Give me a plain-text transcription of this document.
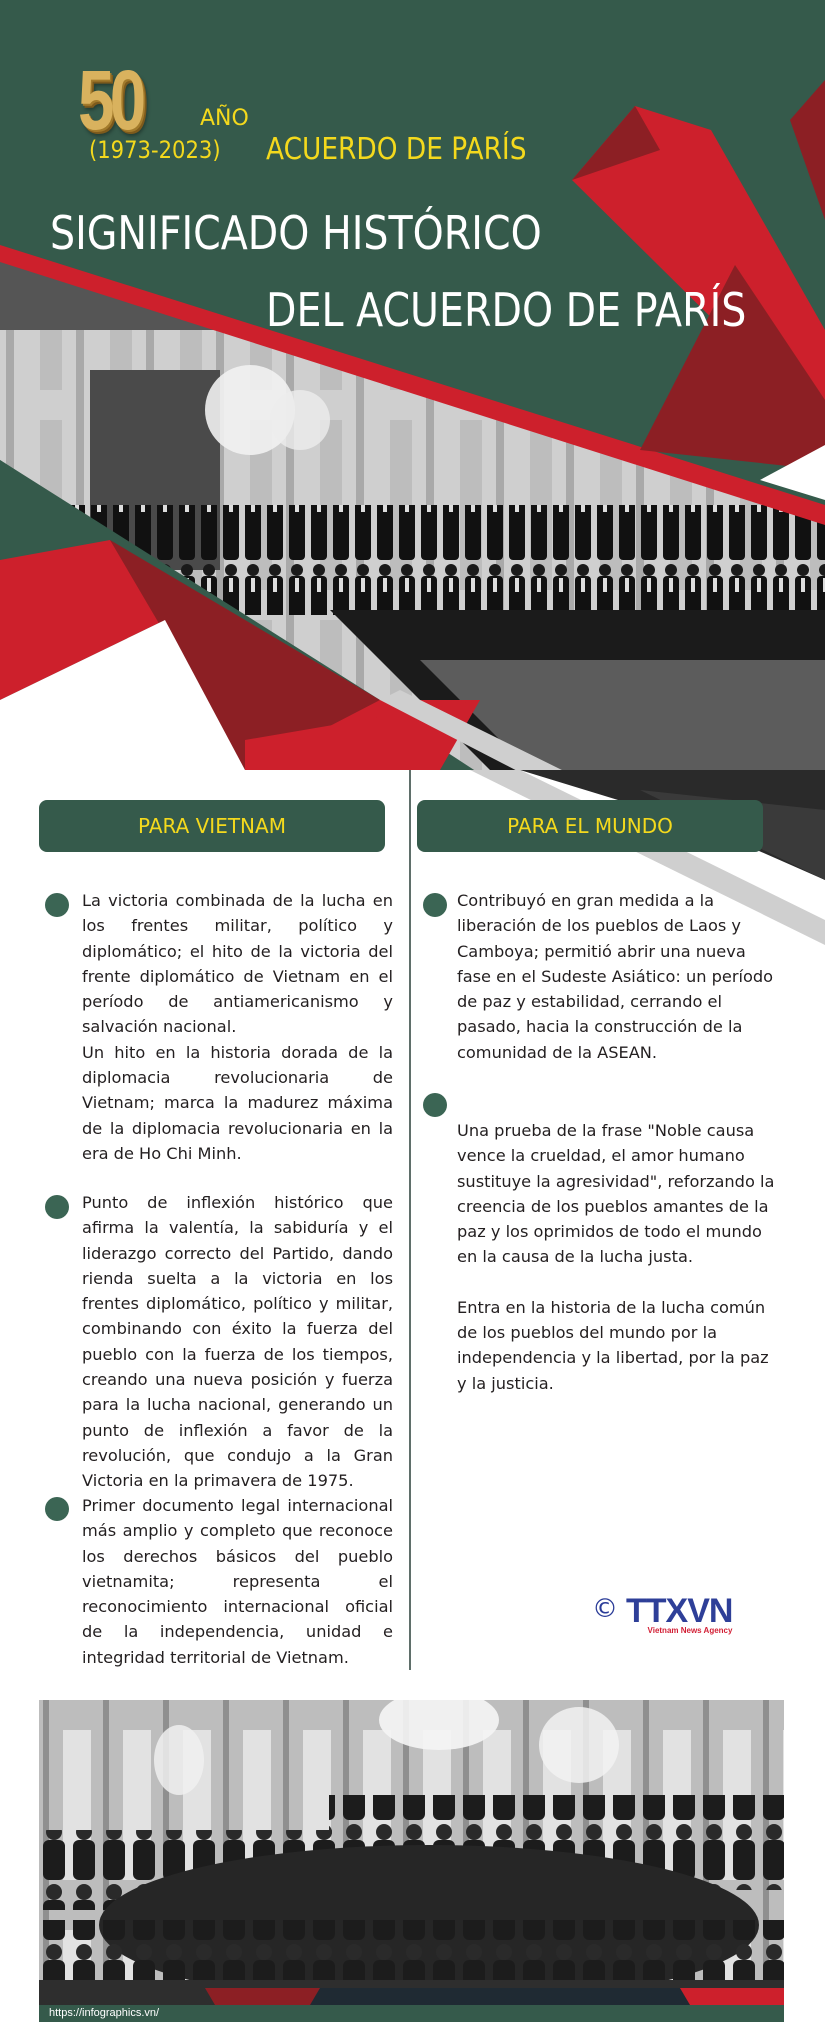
50	AÑO
(1973-2023) ACUERDO DE PARÍS
SIGNIFICADO HISTÓRICO
DEL ACUERDO DE PARÍS
PARA VIETNAM

La victoria combinada de la lucha en los frentes militar, político y diplomático; el hito de la victoria del frente diplomático de Vietnam en el período de antiamericanismo y salvación nacional.

Un hito en la historia dorada de la diplomacia revolucionaria de Vietnam; marca la madurez máxima de la diplomacia revolucionaria en la era de Ho Chi Minh.

Punto de inflexión histórico que afirma la valentía, la sabiduría y el liderazgo correcto del Partido, dando rienda suelta a la victoria en los frentes diplomático, político y militar, combinando con éxito la fuerza del pueblo con la fuerza de los tiempos, creando una nueva posición y fuerza para la lucha nacional, generando un punto de inflexión a favor de la revolución, que condujo a la Gran Victoria en la primavera de 1975.

Primer documento legal internacional más amplio y completo que reconoce los derechos básicos del pueblo vietnamita; representa el reconocimiento internacional oficial de la independencia, unidad e integridad territorial de Vietnam.

PARA EL MUNDO

Contribuyó en gran medida a la liberación de los pueblos de Laos y Camboya; permitió abrir una nueva fase en el Sudeste Asiático: un período de paz y estabilidad, cerrando el pasado, hacia la construcción de la comunidad de la ASEAN.

Una prueba de la frase "Noble causa vence la crueldad, el amor humano sustituye la agresividad", reforzando la creencia de los pueblos amantes de la paz y los oprimidos de todo el mundo en la causa de la lucha justa.

Entra en la historia de la lucha común de los pueblos del mundo por la independencia y la libertad, por la paz y la justicia.

© TTXVN
Vietnam News Agency
https://infographics.vn/
